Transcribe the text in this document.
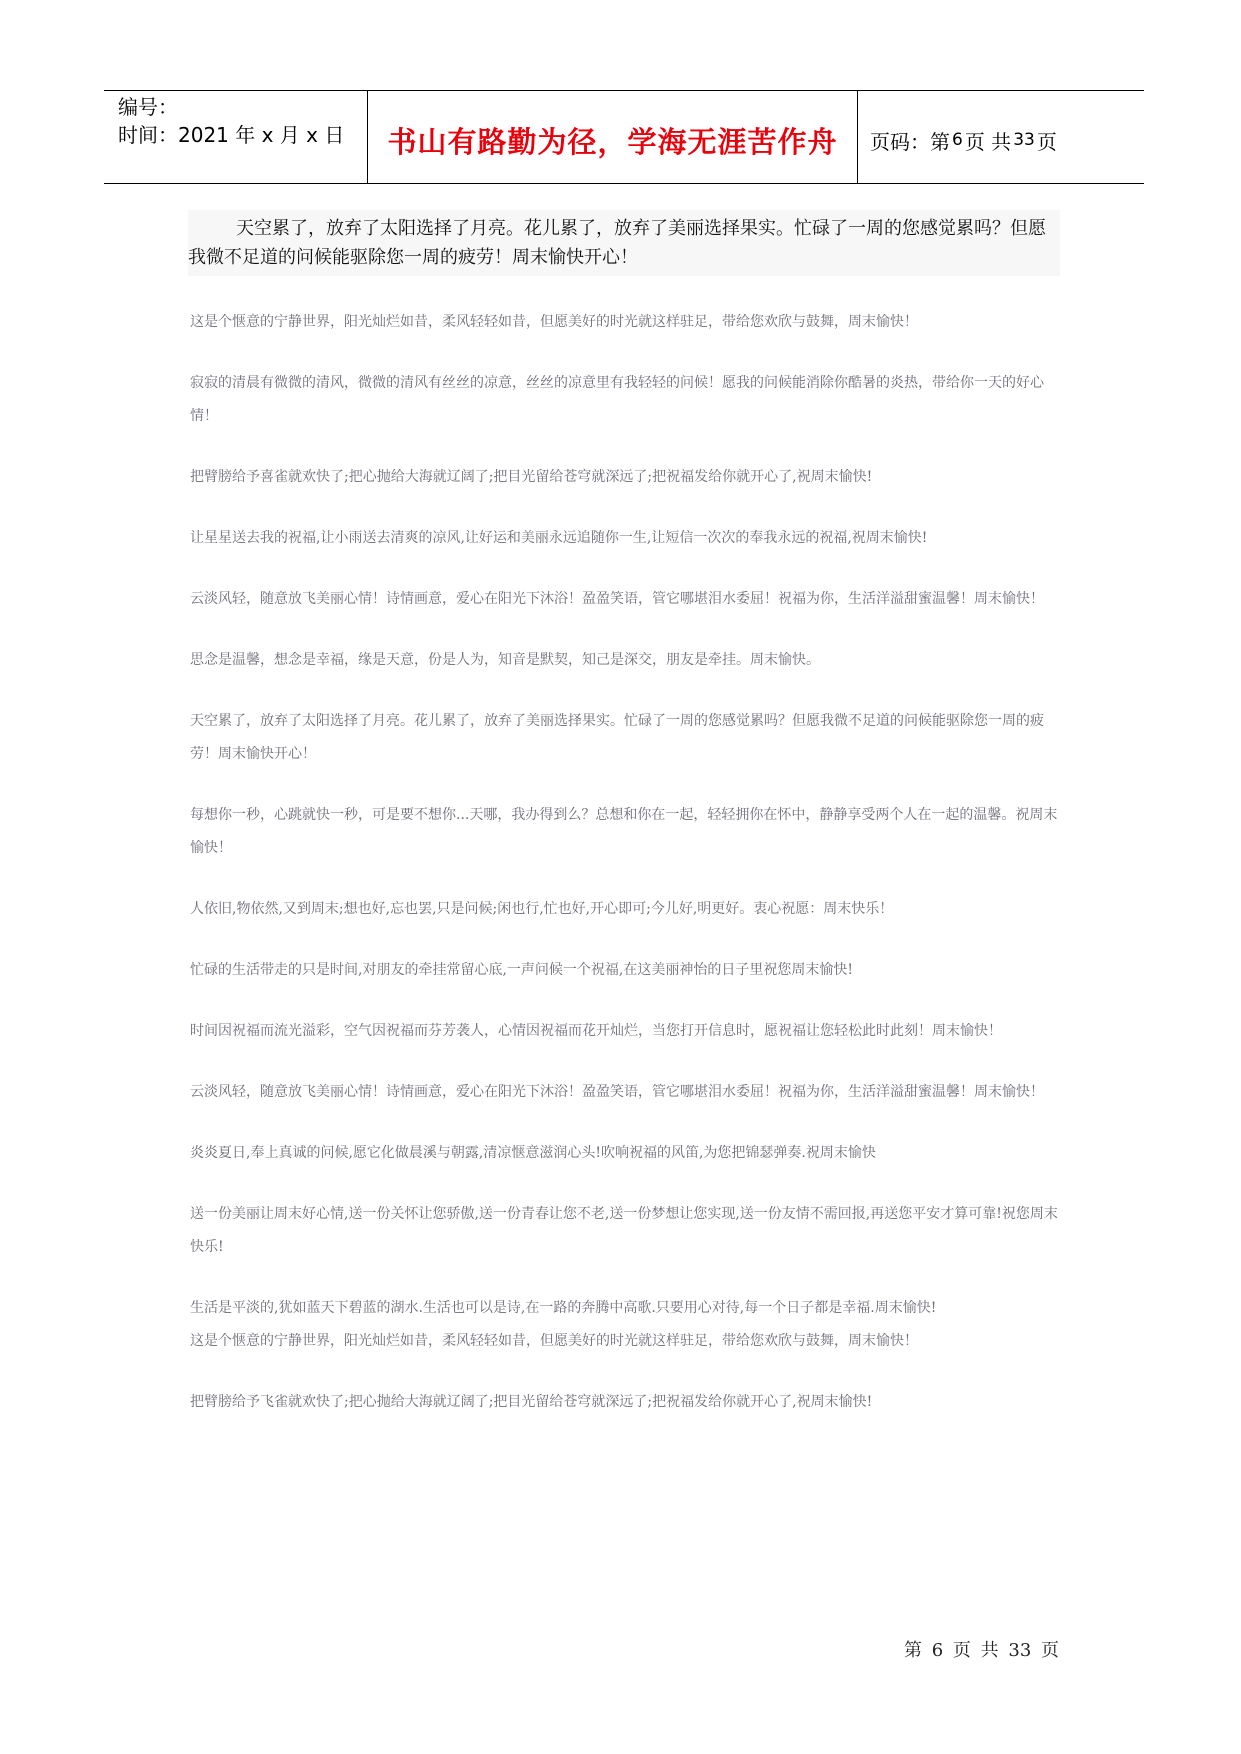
编号：
时间：2021 年 x 月 x 日	书山有路勤为径，学海无涯苦作舟	页码：第 6 页 共 33 页
天空累了，放弃了太阳选择了月亮。花儿累了，放弃了美丽选择果实。忙碌了一周的您感觉累吗？但愿我微不足道的问候能驱除您一周的疲劳！周末愉快开心！

这是个惬意的宁静世界，阳光灿烂如昔，柔风轻轻如昔，但愿美好的时光就这样驻足，带给您欢欣与鼓舞，周末愉快！

寂寂的清晨有微微的清风，微微的清风有丝丝的凉意，丝丝的凉意里有我轻轻的问候！愿我的问候能消除你酷暑的炎热，带给你一天的好心情！

把臂膀给予喜雀就欢快了;把心抛给大海就辽阔了;把目光留给苍穹就深远了;把祝福发给你就开心了,祝周末愉快!

让星星送去我的祝福,让小雨送去清爽的凉风,让好运和美丽永远追随你一生,让短信一次次的奉我永远的祝福,祝周末愉快!

云淡风轻，随意放飞美丽心情！诗情画意，爱心在阳光下沐浴！盈盈笑语，管它哪堪泪水委屈！祝福为你，生活洋溢甜蜜温馨！周末愉快！

思念是温馨，想念是幸福，缘是天意，份是人为，知音是默契，知己是深交，朋友是牵挂。周末愉快。

天空累了，放弃了太阳选择了月亮。花儿累了，放弃了美丽选择果实。忙碌了一周的您感觉累吗？但愿我微不足道的问候能驱除您一周的疲劳！周末愉快开心！

每想你一秒，心跳就快一秒，可是要不想你...天哪，我办得到么？总想和你在一起，轻轻拥你在怀中，静静享受两个人在一起的温馨。祝周末愉快！

人依旧,物依然,又到周末;想也好,忘也罢,只是问候;闲也行,忙也好,开心即可;今儿好,明更好。衷心祝愿：周末快乐！

忙碌的生活带走的只是时间,对朋友的牵挂常留心底,一声问候一个祝福,在这美丽神怡的日子里祝您周末愉快!

时间因祝福而流光溢彩，空气因祝福而芬芳袭人，心情因祝福而花开灿烂，当您打开信息时，愿祝福让您轻松此时此刻！周末愉快！

云淡风轻，随意放飞美丽心情！诗情画意，爱心在阳光下沐浴！盈盈笑语，管它哪堪泪水委屈！祝福为你，生活洋溢甜蜜温馨！周末愉快！

炎炎夏日,奉上真诚的问候,愿它化做晨溪与朝露,清凉惬意滋润心头!吹响祝福的风笛,为您把锦瑟弹奏.祝周末愉快

送一份美丽让周末好心情,送一份关怀让您骄傲,送一份青春让您不老,送一份梦想让您实现,送一份友情不需回报,再送您平安才算可靠!祝您周末快乐!

生活是平淡的,犹如蓝天下碧蓝的湖水.生活也可以是诗,在一路的奔腾中高歌.只要用心对待,每一个日子都是幸福.周末愉快!

这是个惬意的宁静世界，阳光灿烂如昔，柔风轻轻如昔，但愿美好的时光就这样驻足，带给您欢欣与鼓舞，周末愉快！

把臂膀给予飞雀就欢快了;把心抛给大海就辽阔了;把目光留给苍穹就深远了;把祝福发给你就开心了,祝周末愉快!

第 6 页 共 33 页
